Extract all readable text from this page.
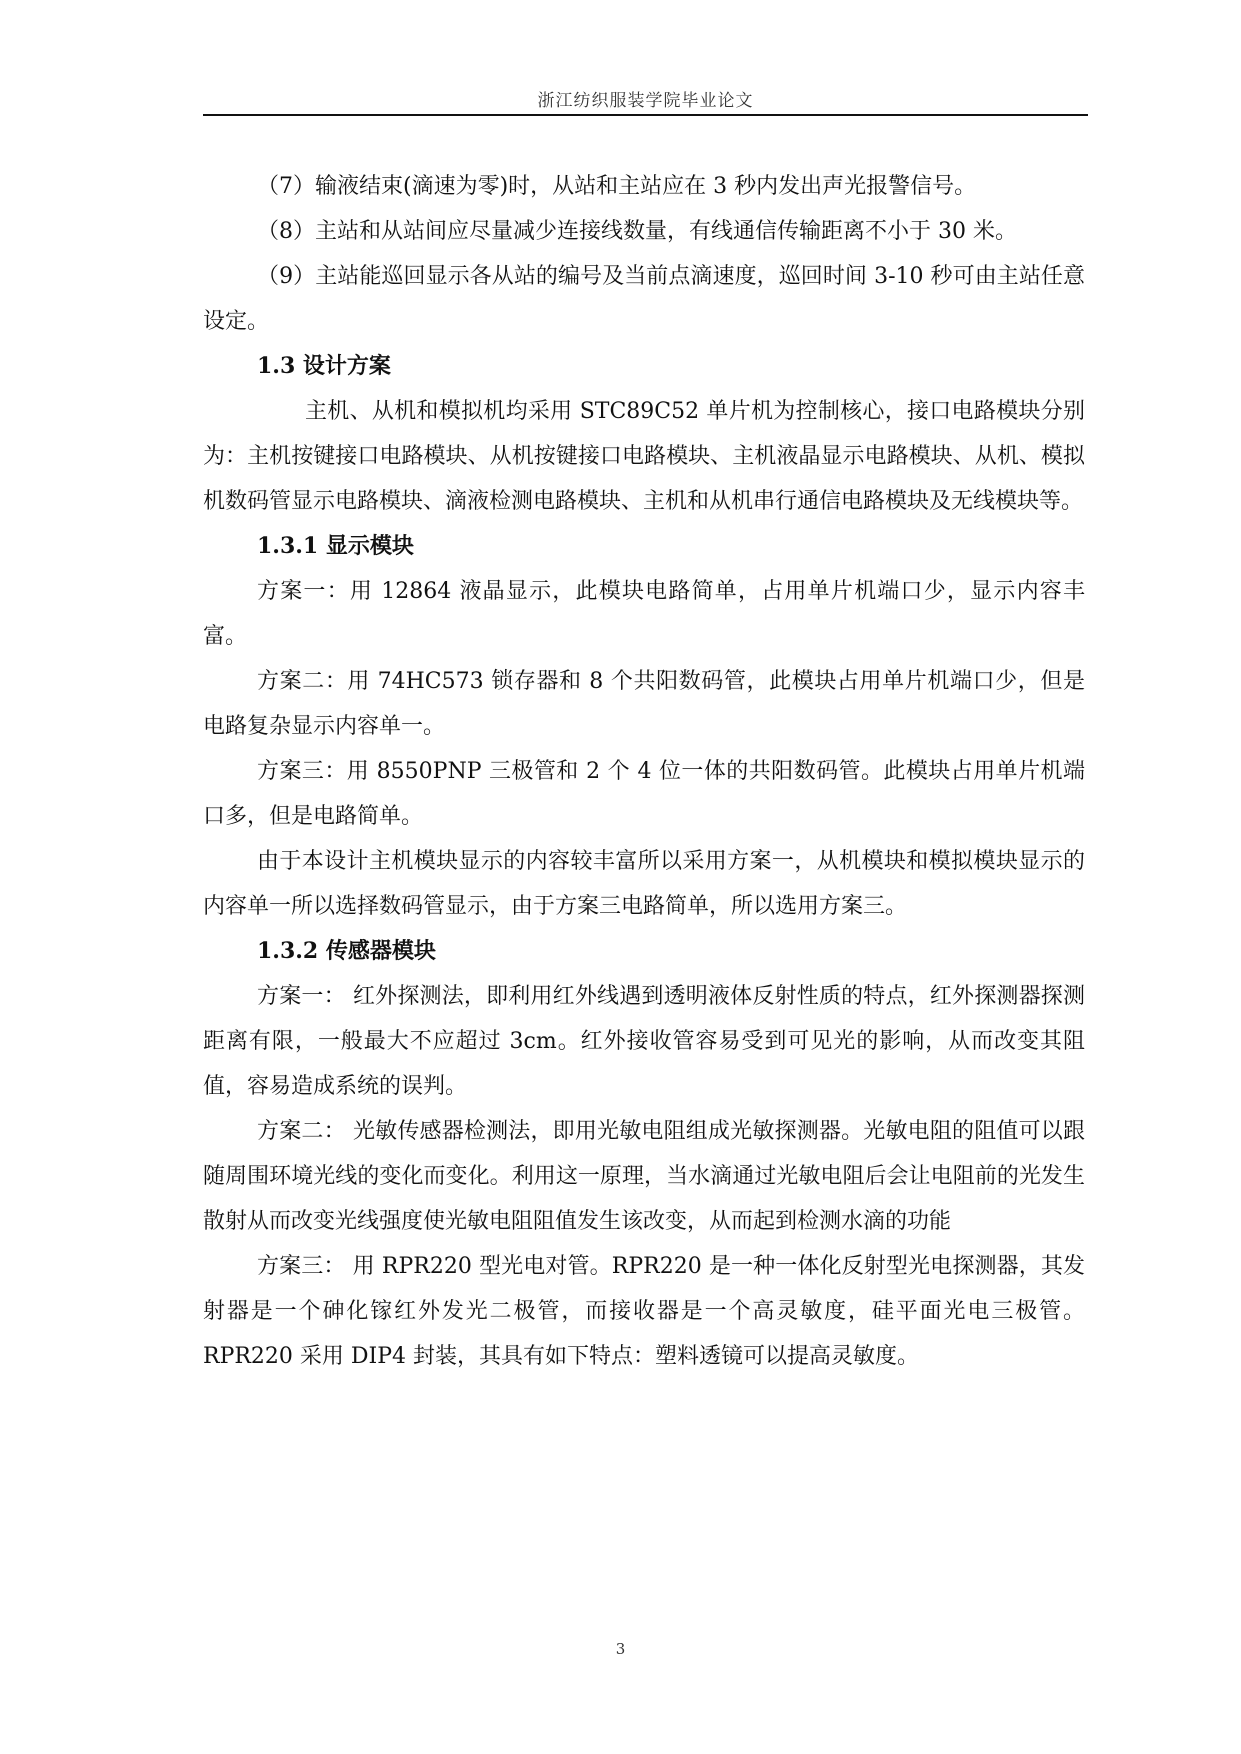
浙江纺织服装学院毕业论文

（7）输液结束(滴速为零)时，从站和主站应在 3 秒内发出声光报警信号。

（8）主站和从站间应尽量减少连接线数量，有线通信传输距离不小于 30 米。

（9）主站能巡回显示各从站的编号及当前点滴速度，巡回时间 3-10 秒可由主站任意设定。

1.3 设计方案

主机、从机和模拟机均采用 STC89C52 单片机为控制核心，接口电路模块分别为：主机按键接口电路模块、从机按键接口电路模块、主机液晶显示电路模块、从机、模拟机数码管显示电路模块、滴液检测电路模块、主机和从机串行通信电路模块及无线模块等。

1.3.1 显示模块

方案一：用 12864 液晶显示，此模块电路简单，占用单片机端口少，显示内容丰富。

方案二：用 74HC573 锁存器和 8 个共阳数码管，此模块占用单片机端口少，但是电路复杂显示内容单一。

方案三：用 8550PNP 三极管和 2 个 4 位一体的共阳数码管。此模块占用单片机端口多，但是电路简单。

由于本设计主机模块显示的内容较丰富所以采用方案一，从机模块和模拟模块显示的内容单一所以选择数码管显示，由于方案三电路简单，所以选用方案三。

1.3.2 传感器模块

方案一： 红外探测法，即利用红外线遇到透明液体反射性质的特点，红外探测器探测距离有限，一般最大不应超过 3cm。红外接收管容易受到可见光的影响，从而改变其阻值，容易造成系统的误判。

方案二： 光敏传感器检测法，即用光敏电阻组成光敏探测器。光敏电阻的阻值可以跟随周围环境光线的变化而变化。利用这一原理，当水滴通过光敏电阻后会让电阻前的光发生散射从而改变光线强度使光敏电阻阻值发生该改变，从而起到检测水滴的功能

方案三： 用 RPR220 型光电对管。RPR220 是一种一体化反射型光电探测器，其发射器是一个砷化镓红外发光二极管，而接收器是一个高灵敏度，硅平面光电三极管。RPR220 采用 DIP4 封装，其具有如下特点：塑料透镜可以提高灵敏度。

3
